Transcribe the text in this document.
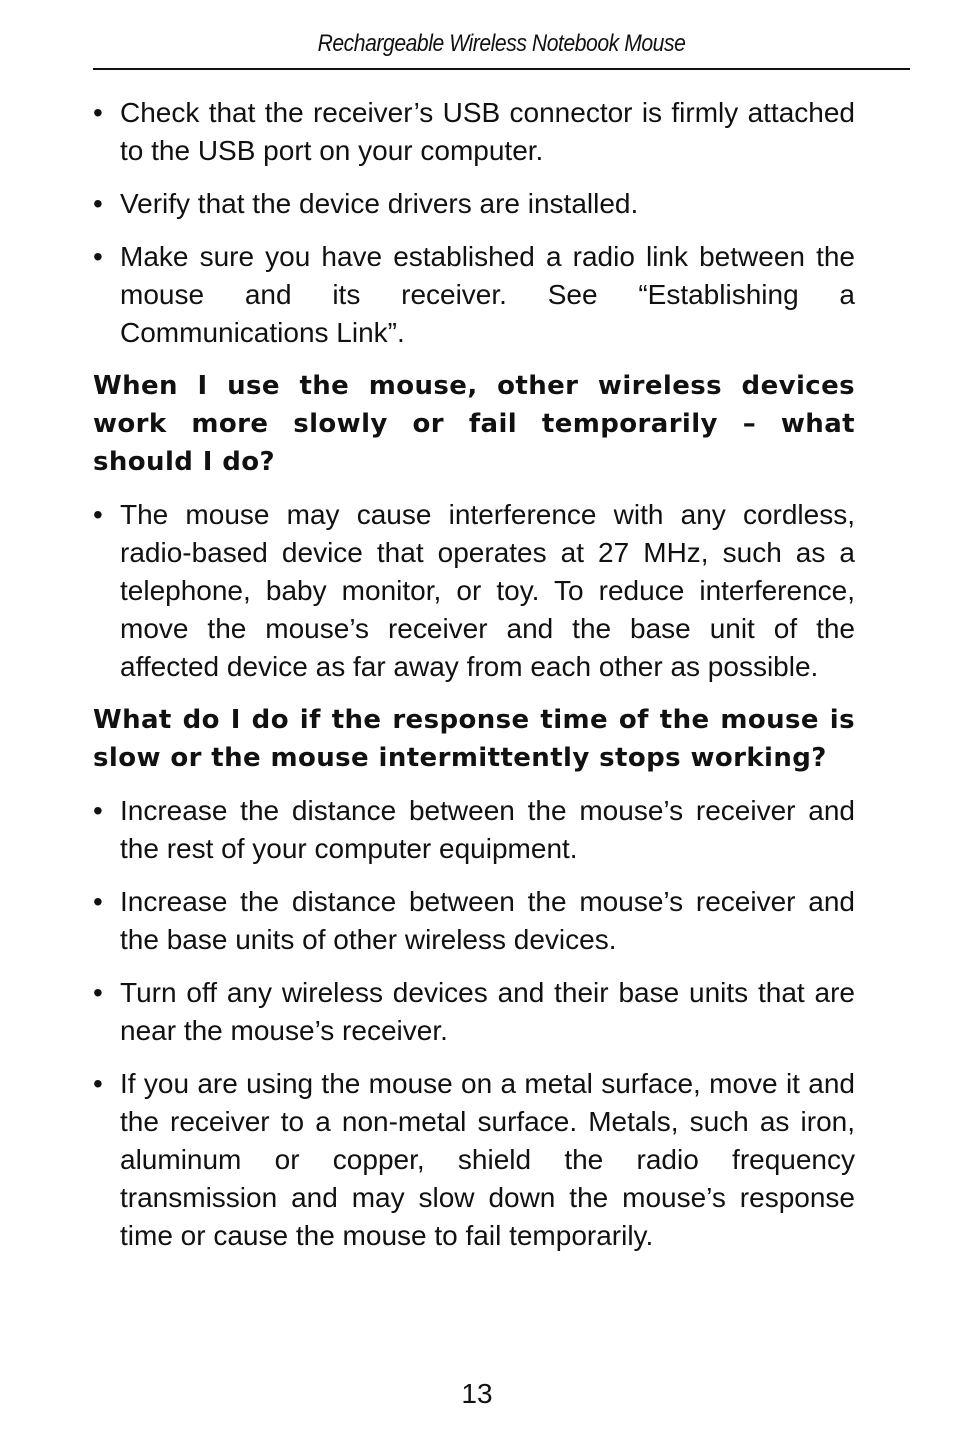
Rechargeable Wireless Notebook Mouse
• Check that the receiver’s USB connector is firmly attached to the USB port on your computer.
• Verify that the device drivers are installed.
• Make sure you have established a radio link between the mouse and its receiver. See “Establishing a Communications Link”.
When I use the mouse, other wireless devices work more slowly or fail temporarily – what should I do?
• The mouse may cause interference with any cordless, radio-based device that operates at 27 MHz, such as a telephone, baby monitor, or toy. To reduce interference, move the mouse’s receiver and the base unit of the affected device as far away from each other as possible.
What do I do if the response time of the mouse is slow or the mouse intermittently stops working?
• Increase the distance between the mouse’s receiver and the rest of your computer equipment.
• Increase the distance between the mouse’s receiver and the base units of other wireless devices.
• Turn off any wireless devices and their base units that are near the mouse’s receiver.
• If you are using the mouse on a metal surface, move it and the receiver to a non-metal surface. Metals, such as iron, aluminum or copper, shield the radio frequency transmission and may slow down the mouse’s response time or cause the mouse to fail temporarily.
13
